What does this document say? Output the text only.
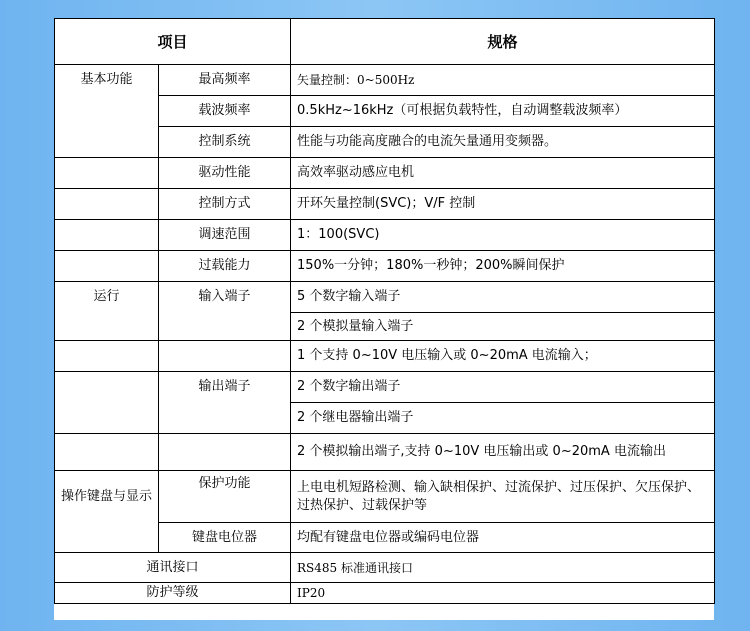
项目		规格
基本功能	最高频率	矢量控制：0~500Hz
	载波频率	0.5kHz~16kHz（可根据负载特性，自动调整载波频率）
	控制系统	性能与功能高度融合的电流矢量通用变频器。
	驱动性能	高效率驱动感应电机
	控制方式	开环矢量控制(SVC)；V/F 控制
	调速范围	1：100(SVC)
	过载能力	150%一分钟；180%一秒钟；200%瞬间保护
运行	输入端子	5 个数字输入端子
		2 个模拟量输入端子
		1 个支持 0~10V 电压输入或 0~20mA 电流输入；
	输出端子	2 个数字输出端子
		2 个继电器输出端子
		2 个模拟输出端子,支持 0~10V 电压输出或 0~20mA 电流输出
操作键盘与显示	保护功能	上电电机短路检测、输入缺相保护、过流保护、过压保护、欠压保护、过热保护、过载保护等
	键盘电位器	均配有键盘电位器或编码电位器
通讯接口		RS485 标准通讯接口
防护等级		IP20
